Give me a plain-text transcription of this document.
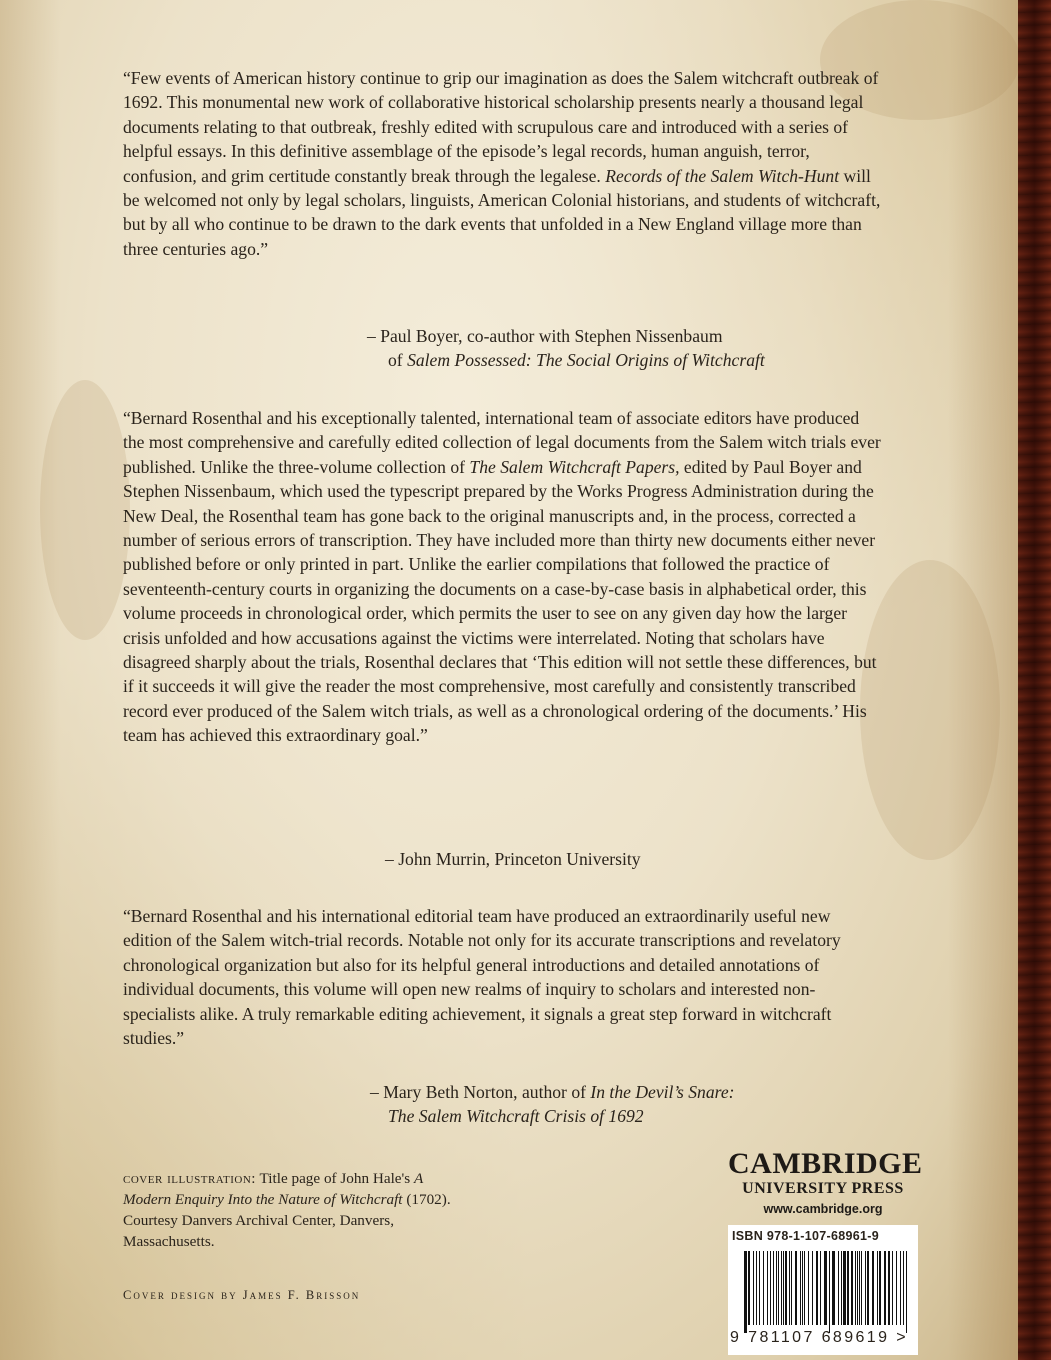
“Few events of American history continue to grip our imagination as does the Salem witchcraft outbreak of 1692. This monumental new work of collaborative historical scholarship presents nearly a thousand legal documents relating to that outbreak, freshly edited with scrupulous care and introduced with a series of helpful essays. In this definitive assemblage of the episode’s legal records, human anguish, terror, confusion, and grim certitude constantly break through the legalese. Records of the Salem Witch-Hunt will be welcomed not only by legal scholars, linguists, American Colonial historians, and students of witchcraft, but by all who continue to be drawn to the dark events that unfolded in a New England village more than three centuries ago.”

– Paul Boyer, co-author with Stephen Nissenbaum
of Salem Possessed: The Social Origins of Witchcraft

“Bernard Rosenthal and his exceptionally talented, international team of associate editors have produced the most comprehensive and carefully edited collection of legal documents from the Salem witch trials ever published. Unlike the three-volume collection of The Salem Witchcraft Papers, edited by Paul Boyer and Stephen Nissenbaum, which used the typescript prepared by the Works Progress Administration during the New Deal, the Rosenthal team has gone back to the original manuscripts and, in the process, corrected a number of serious errors of transcription. They have included more than thirty new documents either never published before or only printed in part. Unlike the earlier compilations that followed the practice of seventeenth-century courts in organizing the documents on a case-by-case basis in alphabetical order, this volume proceeds in chronological order, which permits the user to see on any given day how the larger crisis unfolded and how accusations against the victims were interrelated. Noting that scholars have disagreed sharply about the trials, Rosenthal declares that ‘This edition will not settle these differences, but if it succeeds it will give the reader the most comprehensive, most carefully and consistently transcribed record ever produced of the Salem witch trials, as well as a chronological ordering of the documents.’ His team has achieved this extraordinary goal.”

– John Murrin, Princeton University

“Bernard Rosenthal and his international editorial team have produced an extraordinarily useful new edition of the Salem witch-trial records. Notable not only for its accurate transcriptions and revelatory chronological organization but also for its helpful general introductions and detailed annotations of individual documents, this volume will open new realms of inquiry to scholars and interested non-specialists alike. A truly remarkable editing achievement, it signals a great step forward in witchcraft studies.”

– Mary Beth Norton, author of In the Devil’s Snare:
The Salem Witchcraft Crisis of 1692
cover illustration: Title page of John Hale's A Modern Enquiry Into the Nature of Witchcraft (1702). Courtesy Danvers Archival Center, Danvers, Massachusetts.
Cover design by James F. Brisson
CAMBRIDGE
UNIVERSITY PRESS
www.cambridge.org
ISBN 978-1-107-68961-9
9 781107 689619 >
